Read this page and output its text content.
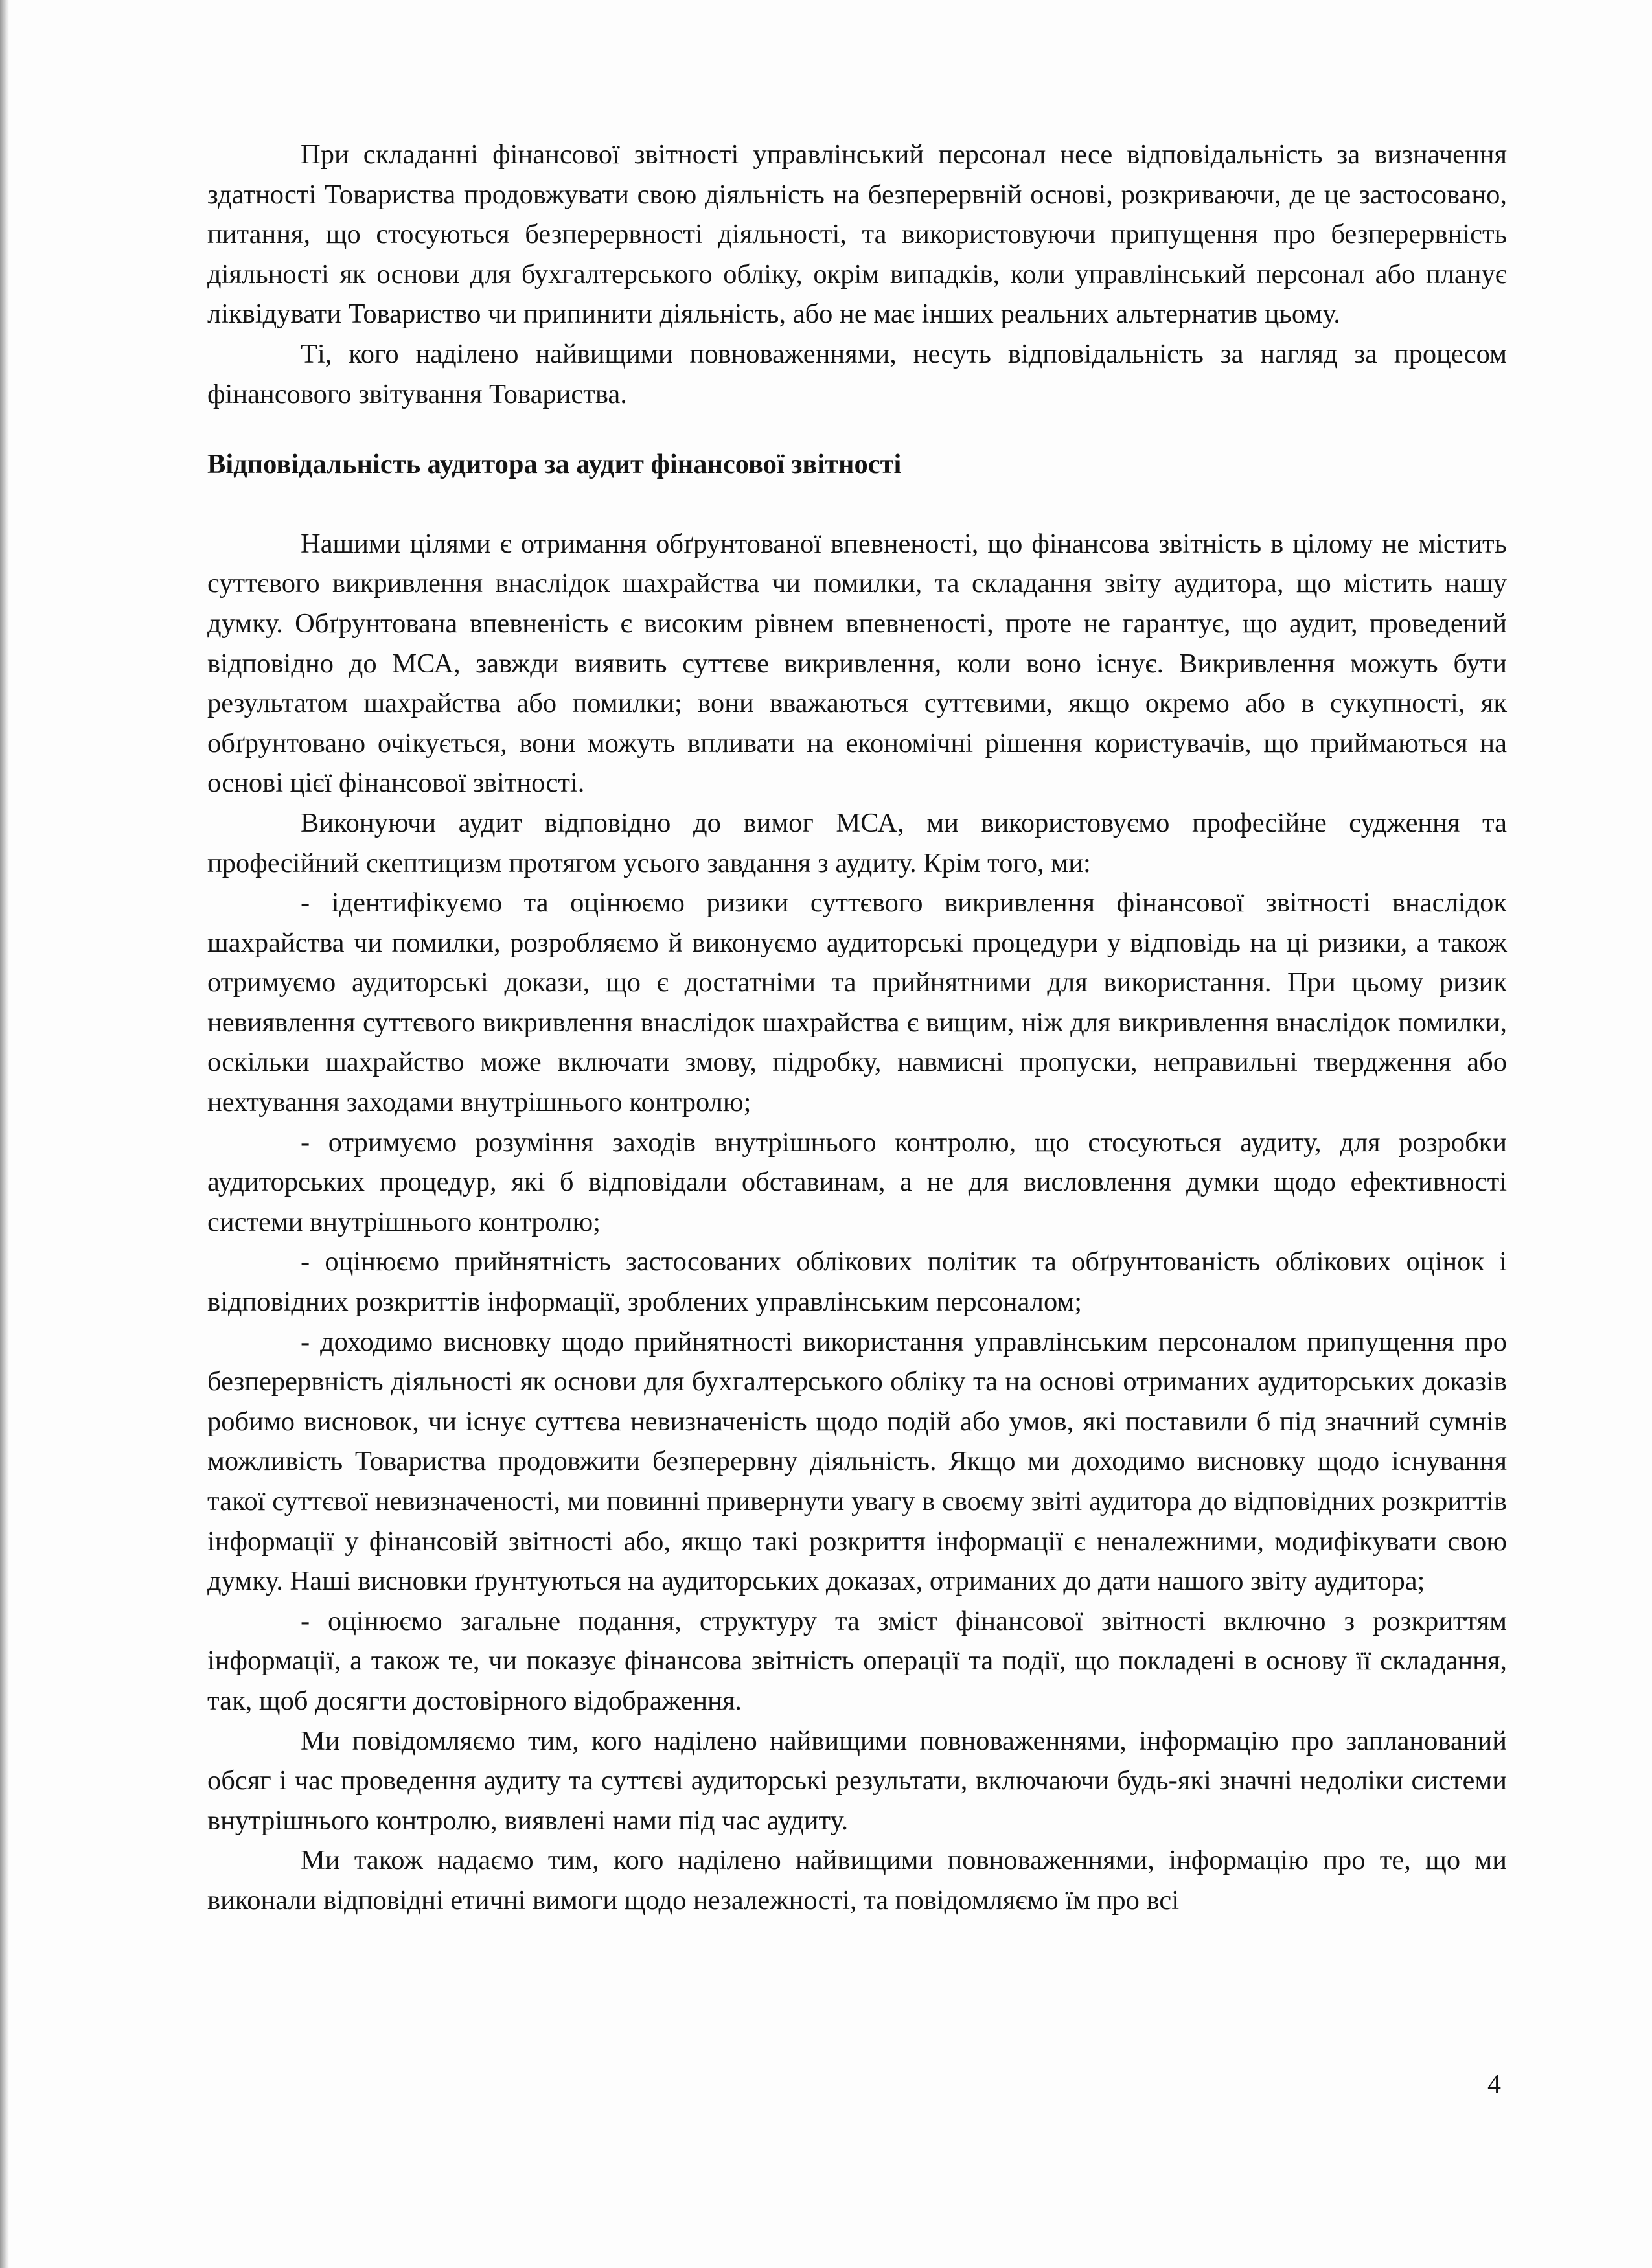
При складанні фінансової звітності управлінський персонал несе відповідальність за визначення здатності Товариства продовжувати свою діяльність на безперервній основі, розкриваючи, де це застосовано, питання, що стосуються безперервності діяльності, та використовуючи припущення про безперервність діяльності як основи для бухгалтерського обліку, окрім випадків, коли управлінський персонал або планує ліквідувати Товариство чи припинити діяльність, або не має інших реальних альтернатив цьому.

Ті, кого наділено найвищими повноваженнями, несуть відповідальність за нагляд за процесом фінансового звітування Товариства.

Відповідальність аудитора за аудит фінансової звітності

Нашими цілями є отримання обґрунтованої впевненості, що фінансова звітність в цілому не містить суттєвого викривлення внаслідок шахрайства чи помилки, та складання звіту аудитора, що містить нашу думку. Обґрунтована впевненість є високим рівнем впевненості, проте не гарантує, що аудит, проведений відповідно до МСА, завжди виявить суттєве викривлення, коли воно існує. Викривлення можуть бути результатом шахрайства або помилки; вони вважаються суттєвими, якщо окремо або в сукупності, як обґрунтовано очікується, вони можуть впливати на економічні рішення користувачів, що приймаються на основі цієї фінансової звітності.

Виконуючи аудит відповідно до вимог МСА, ми використовуємо професійне судження та професійний скептицизм протягом усього завдання з аудиту. Крім того, ми:

- ідентифікуємо та оцінюємо ризики суттєвого викривлення фінансової звітності внаслідок шахрайства чи помилки, розробляємо й виконуємо аудиторські процедури у відповідь на ці ризики, а також отримуємо аудиторські докази, що є достатніми та прийнятними для використання. При цьому ризик невиявлення суттєвого викривлення внаслідок шахрайства є вищим, ніж для викривлення внаслідок помилки, оскільки шахрайство може включати змову, підробку, навмисні пропуски, неправильні твердження або нехтування заходами внутрішнього контролю;

- отримуємо розуміння заходів внутрішнього контролю, що стосуються аудиту, для розробки аудиторських процедур, які б відповідали обставинам, а не для висловлення думки щодо ефективності системи внутрішнього контролю;

- оцінюємо прийнятність застосованих облікових політик та обґрунтованість облікових оцінок і відповідних розкриттів інформації, зроблених управлінським персоналом;

- доходимо висновку щодо прийнятності використання управлінським персоналом припущення про безперервність діяльності як основи для бухгалтерського обліку та на основі отриманих аудиторських доказів робимо висновок, чи існує суттєва невизначеність щодо подій або умов, які поставили б під значний сумнів можливість Товариства продовжити безперервну діяльність. Якщо ми доходимо висновку щодо існування такої суттєвої невизначеності, ми повинні привернути увагу в своєму звіті аудитора до відповідних розкриттів інформації у фінансовій звітності або, якщо такі розкриття інформації є неналежними, модифікувати свою думку. Наші висновки ґрунтуються на аудиторських доказах, отриманих до дати нашого звіту аудитора;

- оцінюємо загальне подання, структуру та зміст фінансової звітності включно з розкриттям інформації, а також те, чи показує фінансова звітність операції та події, що покладені в основу її складання, так, щоб досягти достовірного відображення.

Ми повідомляємо тим, кого наділено найвищими повноваженнями, інформацію про запланований обсяг і час проведення аудиту та суттєві аудиторські результати, включаючи будь-які значні недоліки системи внутрішнього контролю, виявлені нами під час аудиту.

Ми також надаємо тим, кого наділено найвищими повноваженнями, інформацію про те, що ми виконали відповідні етичні вимоги щодо незалежності, та повідомляємо їм про всі

4
